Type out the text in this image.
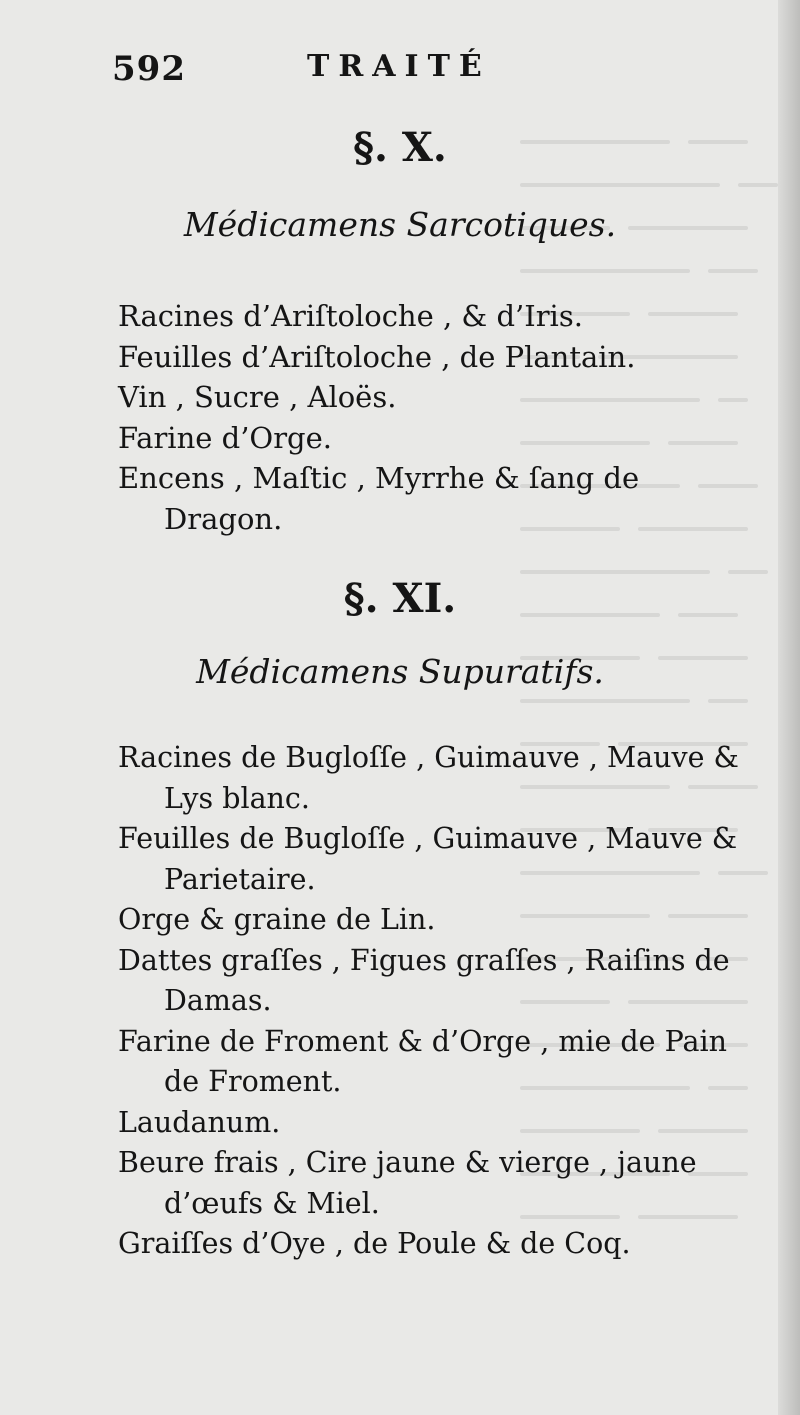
592	TRAITÉ
§. X.
Médicamens Sarcotiques.
Racines d’Ariſtoloche , & d’Iris.
Feuilles d’Ariſtoloche , de Plantain.
Vin , Sucre , Aloës.
Farine d’Orge.
Encens , Maſtic , Myrrhe & ſang de Dragon.
§. XI.
Médicamens Supuratifs.
Racines de Bugloſſe , Guimauve , Mauve & Lys blanc.
Feuilles de Bugloſſe , Guimauve , Mauve & Parietaire.
Orge & graine de Lin.
Dattes graſſes , Figues graſſes , Raiſins de Damas.
Farine de Froment & d’Orge , mie de Pain de Froment.
Laudanum.
Beure frais , Cire jaune & vierge , jaune d’œufs & Miel.
Graiſſes d’Oye , de Poule & de Coq.
